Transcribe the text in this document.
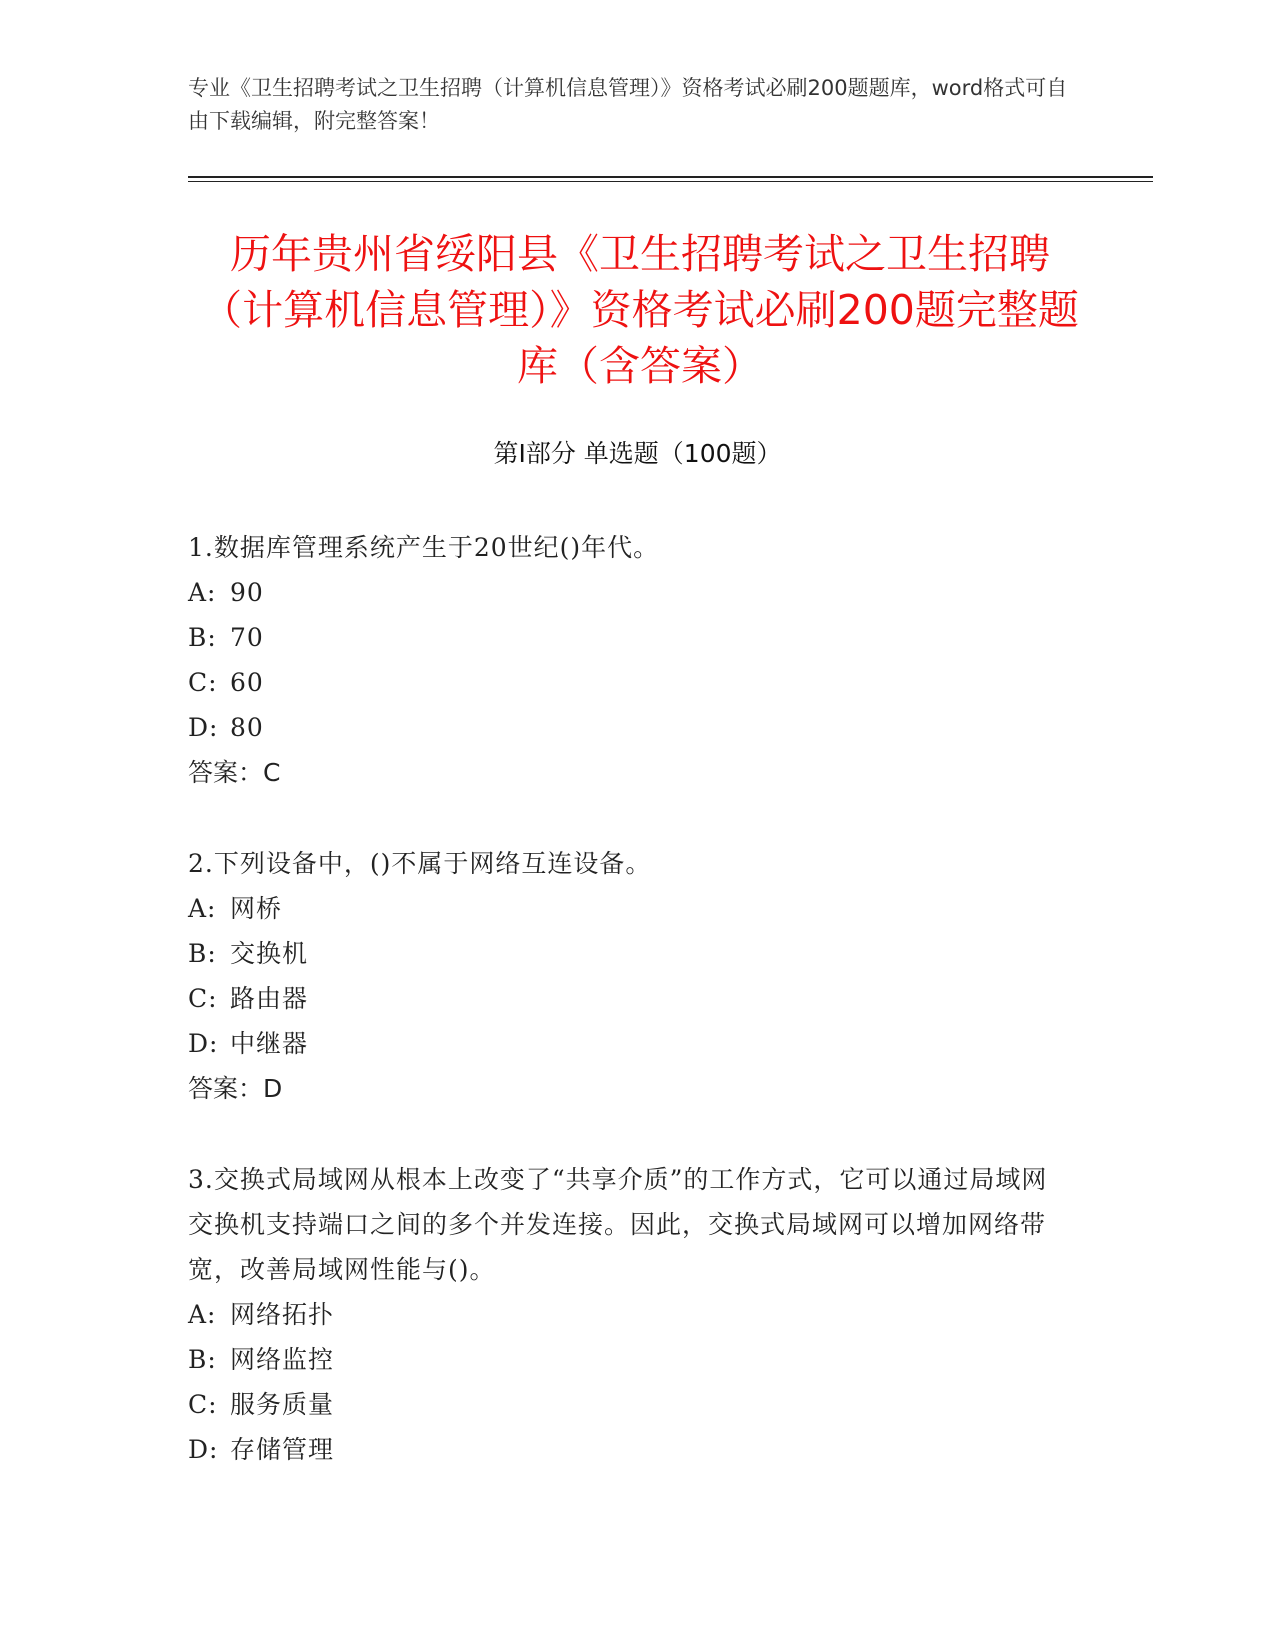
专业《卫生招聘考试之卫生招聘（计算机信息管理）》资格考试必刷200题题库，word格式可自由下载编辑，附完整答案！
历年贵州省绥阳县《卫生招聘考试之卫生招聘（计算机信息管理）》资格考试必刷200题完整题库（含答案）
第Ⅰ部分 单选题（100题）
1.数据库管理系统产生于20世纪()年代。
A: 90
B: 70
C: 60
D: 80
答案：C
2.下列设备中，()不属于网络互连设备。
A: 网桥
B: 交换机
C: 路由器
D: 中继器
答案：D
3.交换式局域网从根本上改变了“共享介质”的工作方式，它可以通过局域网交换机支持端口之间的多个并发连接。因此，交换式局域网可以增加网络带宽，改善局域网性能与()。
A: 网络拓扑
B: 网络监控
C: 服务质量
D: 存储管理
